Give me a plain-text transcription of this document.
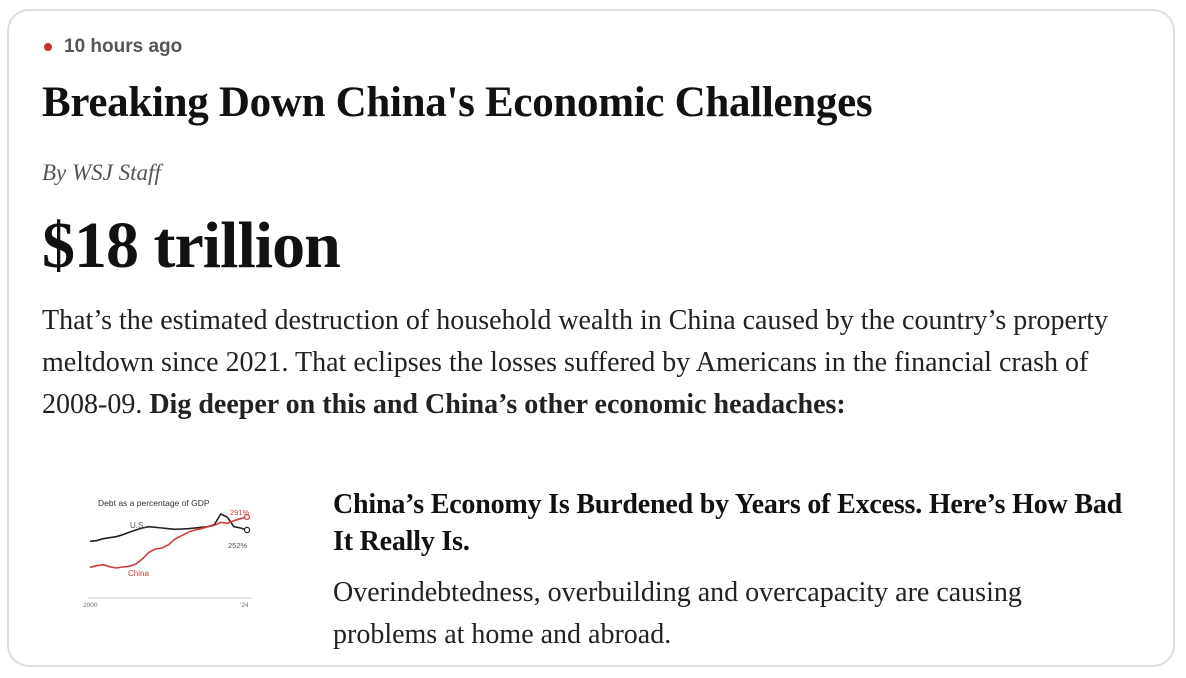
10 hours ago
Breaking Down China's Economic Challenges
By WSJ Staff
$18 trillion

That’s the estimated destruction of household wealth in China caused by the country’s property meltdown since 2021. That eclipses the losses suffered by Americans in the financial crash of 2008-09. Dig deeper on this and China’s other economic headaches:

Debt as a percentage of GDP
U.S.
China
291%
252%
2000	’24
China’s Economy Is Burdened by Years of Excess. Here’s How Bad It Really Is.

Overindebtedness, overbuilding and overcapacity are causing problems at home and abroad.
